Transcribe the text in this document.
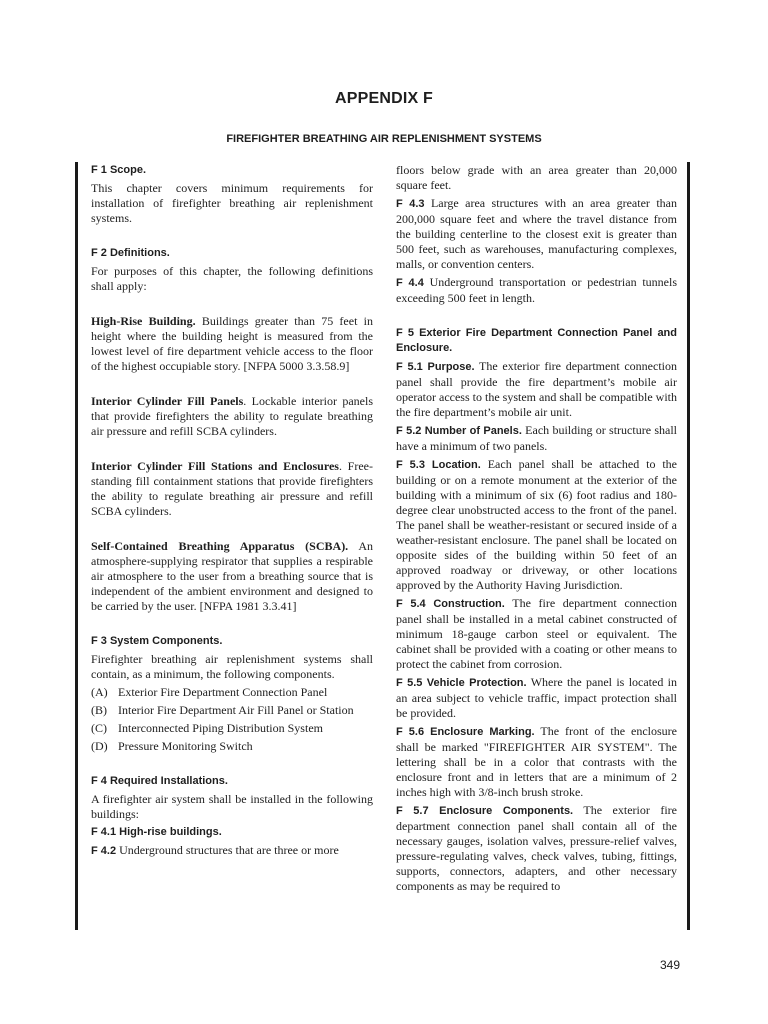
APPENDIX F
FIREFIGHTER BREATHING AIR REPLENISHMENT SYSTEMS
F 1 Scope.

This chapter covers minimum requirements for installation of firefighter breathing air replenishment systems.

F 2 Definitions.

For purposes of this chapter, the following definitions shall apply:

High-Rise Building. Buildings greater than 75 feet in height where the building height is measured from the lowest level of fire department vehicle access to the floor of the highest occupiable story. [NFPA 5000 3.3.58.9]

Interior Cylinder Fill Panels. Lockable interior panels that provide firefighters the ability to regulate breathing air pressure and refill SCBA cylinders.

Interior Cylinder Fill Stations and Enclosures. Free-standing fill containment stations that provide firefighters the ability to regulate breathing air pressure and refill SCBA cylinders.

Self-Contained Breathing Apparatus (SCBA). An atmosphere-supplying respirator that supplies a respirable air atmosphere to the user from a breathing source that is independent of the ambient environment and designed to be carried by the user. [NFPA 1981 3.3.41]

F 3 System Components.

Firefighter breathing air replenishment systems shall contain, as a minimum, the following components.

(A) Exterior Fire Department Connection Panel
(B) Interior Fire Department Air Fill Panel or Station
(C) Interconnected Piping Distribution System
(D) Pressure Monitoring Switch
F 4 Required Installations.

A firefighter air system shall be installed in the following buildings:

F 4.1 High-rise buildings.

F 4.2 Underground structures that are three or more

floors below grade with an area greater than 20,000 square feet.

F 4.3 Large area structures with an area greater than 200,000 square feet and where the travel distance from the building centerline to the closest exit is greater than 500 feet, such as warehouses, manufacturing complexes, malls, or convention centers.

F 4.4 Underground transportation or pedestrian tunnels exceeding 500 feet in length.

F 5 Exterior Fire Department Connection Panel and Enclosure.

F 5.1 Purpose. The exterior fire department connection panel shall provide the fire department’s mobile air operator access to the system and shall be compatible with the fire department’s mobile air unit.

F 5.2 Number of Panels. Each building or structure shall have a minimum of two panels.

F 5.3 Location. Each panel shall be attached to the building or on a remote monument at the exterior of the building with a minimum of six (6) foot radius and 180-degree clear unobstructed access to the front of the panel. The panel shall be weather-resistant or secured inside of a weather-resistant enclosure. The panel shall be located on opposite sides of the building within 50 feet of an approved roadway or driveway, or other locations approved by the Authority Having Jurisdiction.

F 5.4 Construction. The fire department connection panel shall be installed in a metal cabinet constructed of minimum 18-gauge carbon steel or equivalent. The cabinet shall be provided with a coating or other means to protect the cabinet from corrosion.

F 5.5 Vehicle Protection. Where the panel is located in an area subject to vehicle traffic, impact protection shall be provided.

F 5.6 Enclosure Marking. The front of the enclosure shall be marked "FIREFIGHTER AIR SYSTEM". The lettering shall be in a color that contrasts with the enclosure front and in letters that are a minimum of 2 inches high with 3/8-inch brush stroke.

F 5.7 Enclosure Components. The exterior fire department connection panel shall contain all of the necessary gauges, isolation valves, pressure-relief valves, pressure-regulating valves, check valves, tubing, fittings, supports, connectors, adapters, and other necessary components as may be required to

349
